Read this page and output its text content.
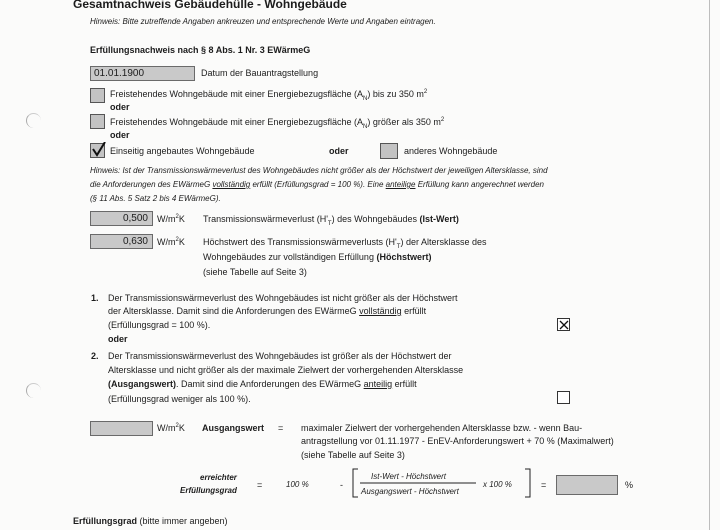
Gesamtnachweis Gebäudehülle - Wohngebäude
Hinweis: Bitte zutreffende Angaben ankreuzen und entsprechende Werte und Angaben eintragen.
Erfüllungsnachweis nach § 8 Abs. 1 Nr. 3 EWärmeG
01.01.1900	Datum der Bauantragstellung
Freistehendes Wohngebäude mit einer Energiebezugsfläche $(A_N)$ bis zu 350 $m^2$
oder
Freistehendes Wohngebäude mit einer Energiebezugsfläche $(A_N)$ größer als 350 $m^2$
oder
Einseitig angebautes Wohngebäude	oder	anderes Wohngebäude
Hinweis: Ist der Transmissionswärmeverlust des Wohngebäudes nicht größer als der Höchstwert der jeweiligen Altersklasse, sind
die Anforderungen des EWärmeG vollständig erfüllt (Erfüllungsgrad = 100 %). Eine anteilige Erfüllung kann angerechnet werden
(§ 11 Abs. 5 Satz 2 bis 4 EWärmeG).
0,500	$W/m^2K$ Transmissionswärmeverlust $(H'_T)$ des Wohngebäudes (Ist-Wert)
0,630	$W/m^2K$ Höchstwert des Transmissionswärmeverlusts $(H'_T)$ der Altersklasse des
Wohngebäudes zur vollständigen Erfüllung (Höchstwert)
(siehe Tabelle auf Seite 3)
1. Der Transmissionswärmeverlust des Wohngebäudes ist nicht größer als der Höchstwert
der Altersklasse. Damit sind die Anforderungen des EWärmeG vollständig erfüllt
(Erfüllungsgrad = 100 %).
oder
2. Der Transmissionswärmeverlust des Wohngebäudes ist größer als der Höchstwert der
Altersklasse und nicht größer als der maximale Zielwert der vorhergehenden Altersklasse
(Ausgangswert). Damit sind die Anforderungen des EWärmeG anteilig erfüllt
(Erfüllungsgrad weniger als 100 %).
$W/m^2K$ Ausgangswert = maximaler Zielwert der vorhergehenden Altersklasse bzw. - wenn Bau-
antragstellung vor 01.11.1977 - EnEV-Anforderungswert + 70 % (Maximalwert)
(siehe Tabelle auf Seite 3)
erreichter
Erfüllungsgrad
=	100 %	-
Ist-Wert - Höchstwert
Ausgangswert - Höchstwert
x 100 %	=	%
Erfüllungsgrad (bitte immer angeben)
